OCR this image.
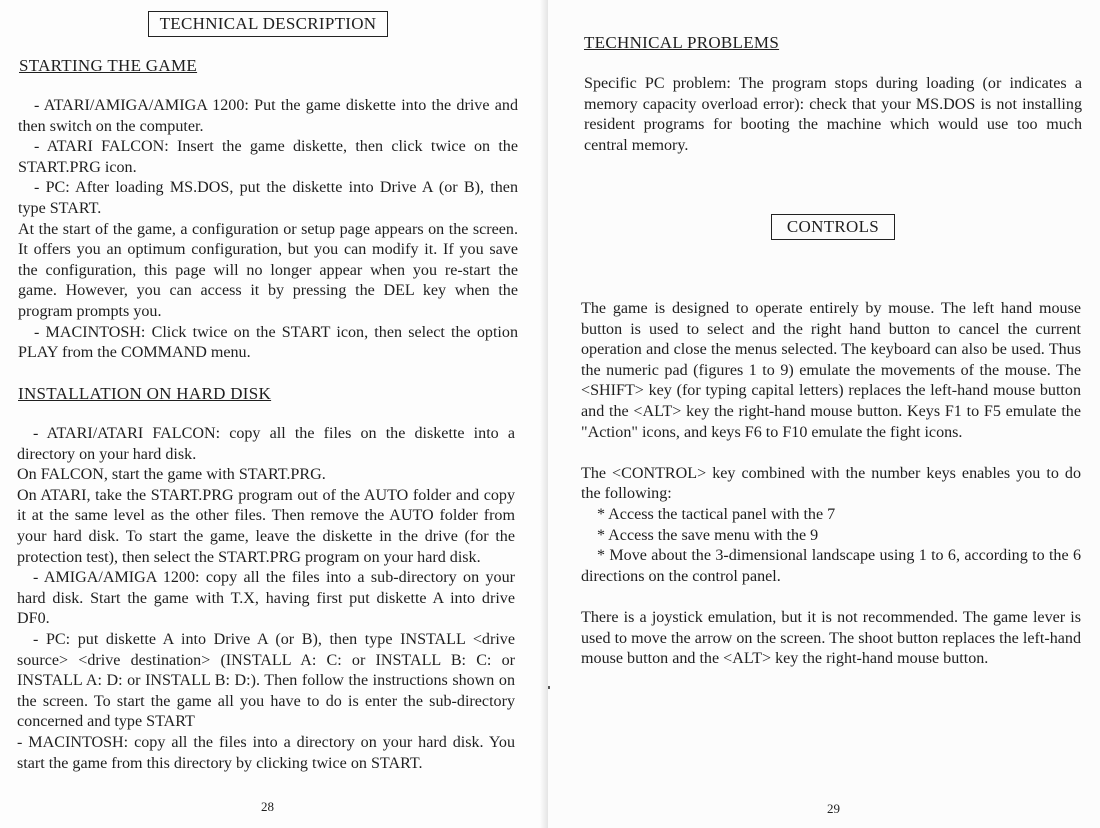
TECHNICAL DESCRIPTION
STARTING THE GAME

- ATARI/AMIGA/AMIGA 1200: Put the game diskette into the drive and then switch on the computer.

- ATARI FALCON: Insert the game diskette, then click twice on the START.PRG icon.

- PC: After loading MS.DOS, put the diskette into Drive A (or B), then type START.

At the start of the game, a configuration or setup page appears on the screen. It offers you an optimum configuration, but you can modify it. If you save the configuration, this page will no longer appear when you re-start the game. However, you can access it by pressing the DEL key when the program prompts you.

- MACINTOSH: Click twice on the START icon, then select the option PLAY from the COMMAND menu.

INSTALLATION ON HARD DISK

- ATARI/ATARI FALCON: copy all the files on the diskette into a directory on your hard disk.

On FALCON, start the game with START.PRG.

On ATARI, take the START.PRG program out of the AUTO folder and copy it at the same level as the other files. Then remove the AUTO folder from your hard disk. To start the game, leave the diskette in the drive (for the protection test), then select the START.PRG program on your hard disk.

- AMIGA/AMIGA 1200: copy all the files into a sub-directory on your hard disk. Start the game with T.X, having first put diskette A into drive DF0.

- PC: put diskette A into Drive A (or B), then type INSTALL <drive source> <drive destination> (INSTALL A: C: or INSTALL B: C: or INSTALL A: D: or INSTALL B: D:). Then follow the instructions shown on the screen. To start the game all you have to do is enter the sub-directory concerned and type START

- MACINTOSH: copy all the files into a directory on your hard disk. You start the game from this directory by clicking twice on START.

28
TECHNICAL PROBLEMS

Specific PC problem: The program stops during loading (or indicates a memory capacity overload error): check that your MS.DOS is not installing resident programs for booting the machine which would use too much central memory.

CONTROLS

The game is designed to operate entirely by mouse. The left hand mouse button is used to select and the right hand button to cancel the current operation and close the menus selected. The keyboard can also be used. Thus the numeric pad (figures 1 to 9) emulate the movements of the mouse. The <SHIFT> key (for typing capital letters) replaces the left-hand mouse button and the <ALT> key the right-hand mouse button. Keys F1 to F5 emulate the "Action" icons, and keys F6 to F10 emulate the fight icons.

The <CONTROL> key combined with the number keys enables you to do the following:

* Access the tactical panel with the 7

* Access the save menu with the 9

* Move about the 3-dimensional landscape using 1 to 6, according to the 6 directions on the control panel.

There is a joystick emulation, but it is not recommended. The game lever is used to move the arrow on the screen. The shoot button replaces the left-hand mouse button and the <ALT> key the right-hand mouse button.

29
